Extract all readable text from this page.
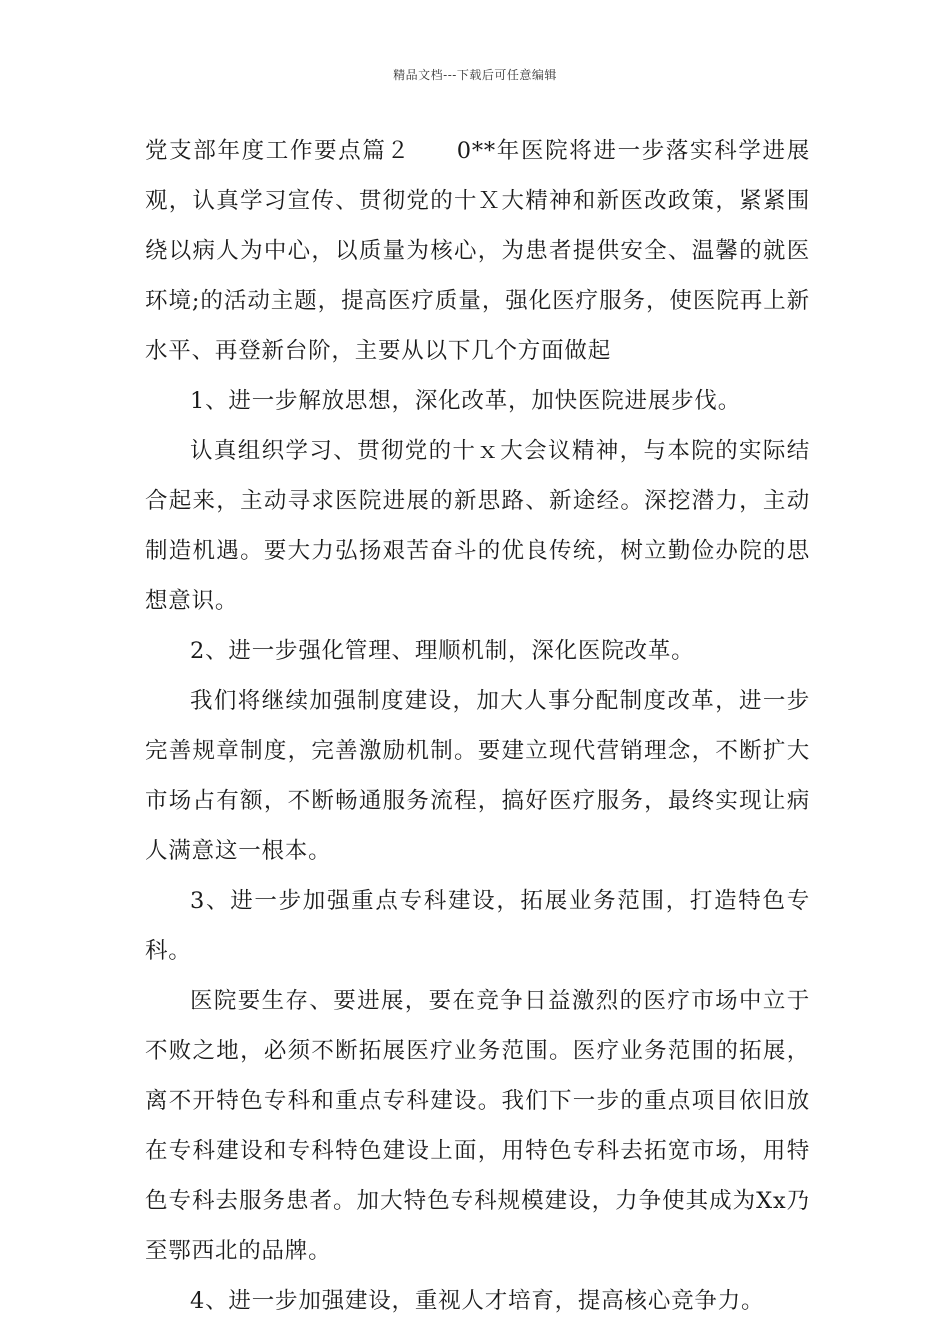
精品文档---下载后可任意编辑

党支部年度工作要点篇２ 0**年医院将进一步落实科学进展观，认真学习宣传、贯彻党的十Ｘ大精神和新医改政策，紧紧围绕以病人为中心，以质量为核心，为患者提供安全、温馨的就医环境;的活动主题，提高医疗质量，强化医疗服务，使医院再上新水平、再登新台阶，主要从以下几个方面做起

1、进一步解放思想，深化改革，加快医院进展步伐。

认真组织学习、贯彻党的十ｘ大会议精神，与本院的实际结合起来，主动寻求医院进展的新思路、新途经。深挖潜力，主动制造机遇。要大力弘扬艰苦奋斗的优良传统，树立勤俭办院的思想意识。

2、进一步强化管理、理顺机制，深化医院改革。

我们将继续加强制度建设，加大人事分配制度改革，进一步完善规章制度，完善激励机制。要建立现代营销理念，不断扩大市场占有额，不断畅通服务流程，搞好医疗服务，最终实现让病人满意这一根本。

3、进一步加强重点专科建设，拓展业务范围，打造特色专科。

医院要生存、要进展，要在竞争日益激烈的医疗市场中立于不败之地，必须不断拓展医疗业务范围。医疗业务范围的拓展，离不开特色专科和重点专科建设。我们下一步的重点项目依旧放在专科建设和专科特色建设上面，用特色专科去拓宽市场，用特色专科去服务患者。加大特色专科规模建设，力争使其成为Xx乃至鄂西北的品牌。

4、进一步加强建设，重视人才培育，提高核心竞争力。
